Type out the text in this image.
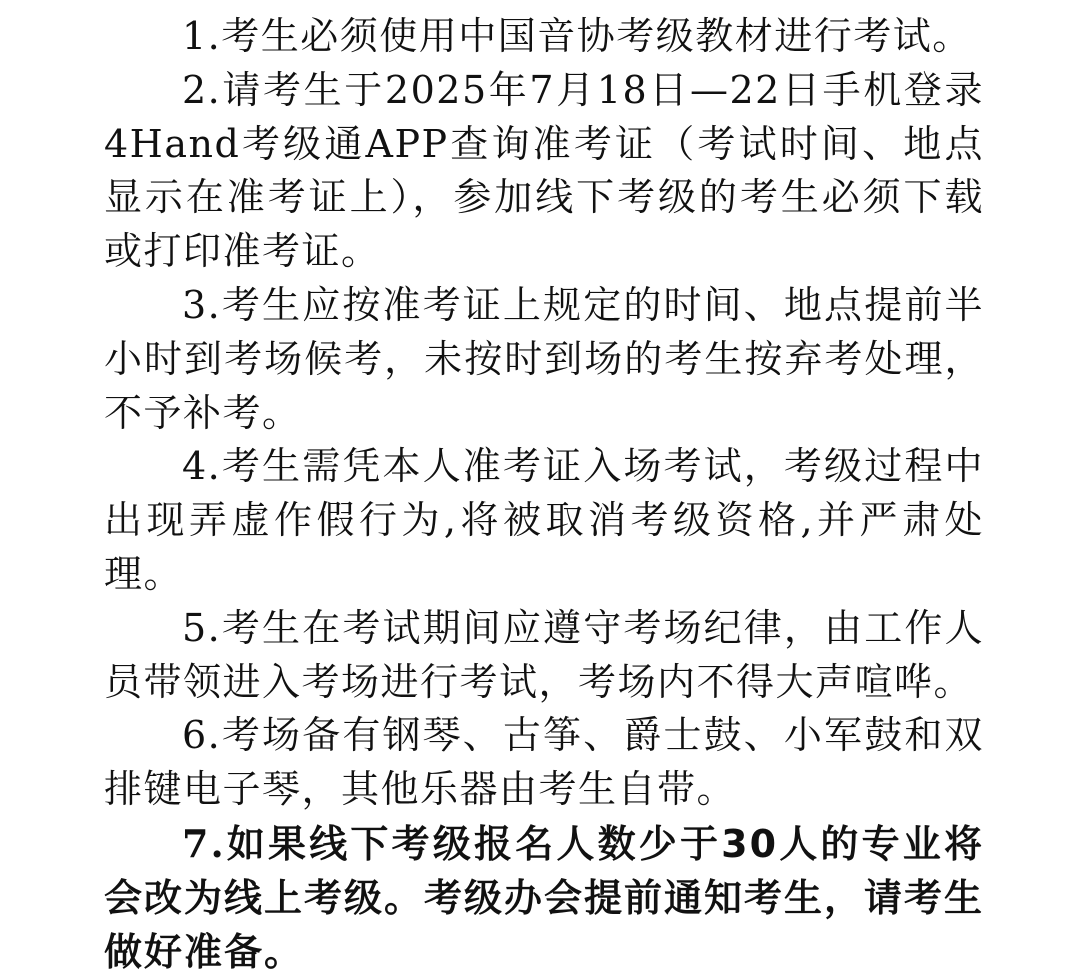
1.考生必须使用中国音协考级教材进行考试。

2.请考生于2025年7月18日—22日手机登录4Hand考级通APP查询准考证（考试时间、地点显示在准考证上），参加线下考级的考生必须下载或打印准考证。

3.考生应按准考证上规定的时间、地点提前半小时到考场候考，未按时到场的考生按弃考处理，不予补考。

4.考生需凭本人准考证入场考试，考级过程中出现弄虚作假行为,将被取消考级资格,并严肃处理。

5.考生在考试期间应遵守考场纪律，由工作人员带领进入考场进行考试，考场内不得大声喧哗。

6.考场备有钢琴、古筝、爵士鼓、小军鼓和双排键电子琴，其他乐器由考生自带。

7.如果线下考级报名人数少于30人的专业将会改为线上考级。考级办会提前通知考生，请考生做好准备。
